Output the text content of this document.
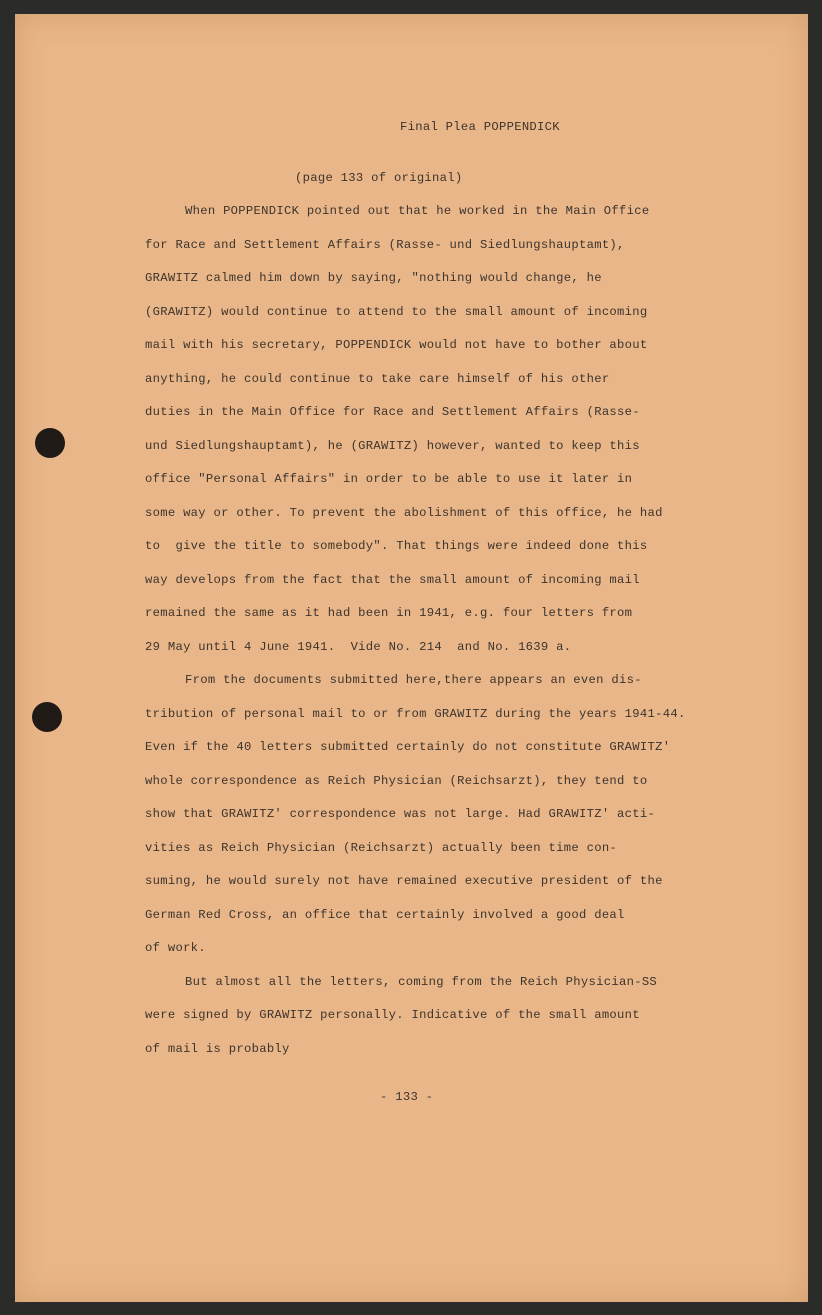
Final Plea POPPENDICK
(page 133 of original)
When POPPENDICK pointed out that he worked in the Main Office
for Race and Settlement Affairs (Rasse- und Siedlungshauptamt),
GRAWITZ calmed him down by saying, "nothing would change, he
(GRAWITZ) would continue to attend to the small amount of incoming
mail with his secretary, POPPENDICK would not have to bother about
anything, he could continue to take care himself of his other
duties in the Main Office for Race and Settlement Affairs (Rasse-
und Siedlungshauptamt), he (GRAWITZ) however, wanted to keep this
office "Personal Affairs" in order to be able to use it later in
some way or other. To prevent the abolishment of this office, he had
to  give the title to somebody". That things were indeed done this
way develops from the fact that the small amount of incoming mail
remained the same as it had been in 1941, e.g. four letters from
29 May until 4 June 1941.  Vide No. 214  and No. 1639 a.
From the documents submitted here,there appears an even dis-
tribution of personal mail to or from GRAWITZ during the years 1941-44.
Even if the 40 letters submitted certainly do not constitute GRAWITZ'
whole correspondence as Reich Physician (Reichsarzt), they tend to
show that GRAWITZ' correspondence was not large. Had GRAWITZ' acti-
vities as Reich Physician (Reichsarzt) actually been time con-
suming, he would surely not have remained executive president of the
German Red Cross, an office that certainly involved a good deal
of work.
But almost all the letters, coming from the Reich Physician-SS
were signed by GRAWITZ personally. Indicative of the small amount
of mail is probably
- 133 -
